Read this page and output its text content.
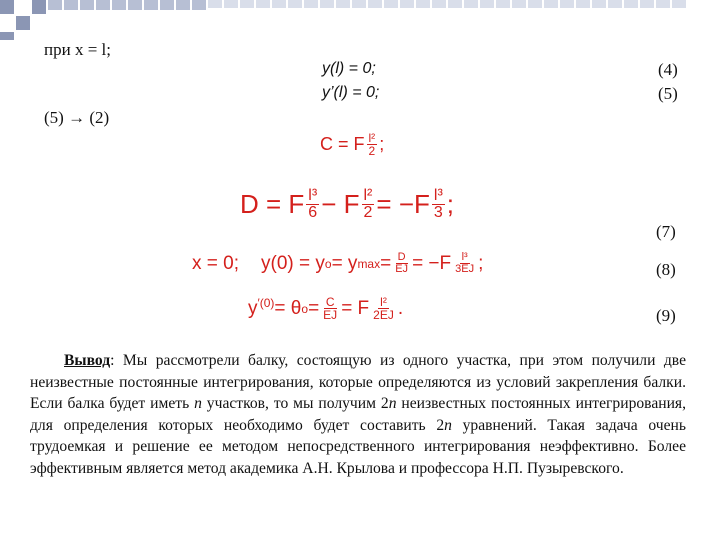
при x = l;
y(l) = 0;
y’(l) = 0;
(4)
(5)
(5) → (2)
C = F $\frac{\text{l²}}{2}$ ;
D = F $\frac{\text{l³}}{6} - F \frac{\text{l²}}{2} = -F \frac{\text{l³}}{3}$ ;
(7)
x = 0; y(0) = y o = y $\max = \frac{D}{EJ} = -F \frac{\text{l³}}{3EJ}$ ;	(8)
$y^{'(0)} = \theta$ $o = \frac{C}{EJ} = F \frac{\text{l²}}{2EJ}$ .	(9)
Вывод: Мы рассмотрели балку, состоящую из одного участка, при этом получили две неизвестные постоянные интегрирования, которые определяются из условий закрепления балки. Если балка будет иметь n участков, то мы получим 2n неизвестных постоянных интегрирования, для определения которых необходимо будет составить 2n уравнений. Такая задача очень трудоемкая и решение ее методом непосредственного интегрирования неэффективно. Более эффективным является метод академика А.Н. Крылова и профессора Н.П. Пузыревского.
